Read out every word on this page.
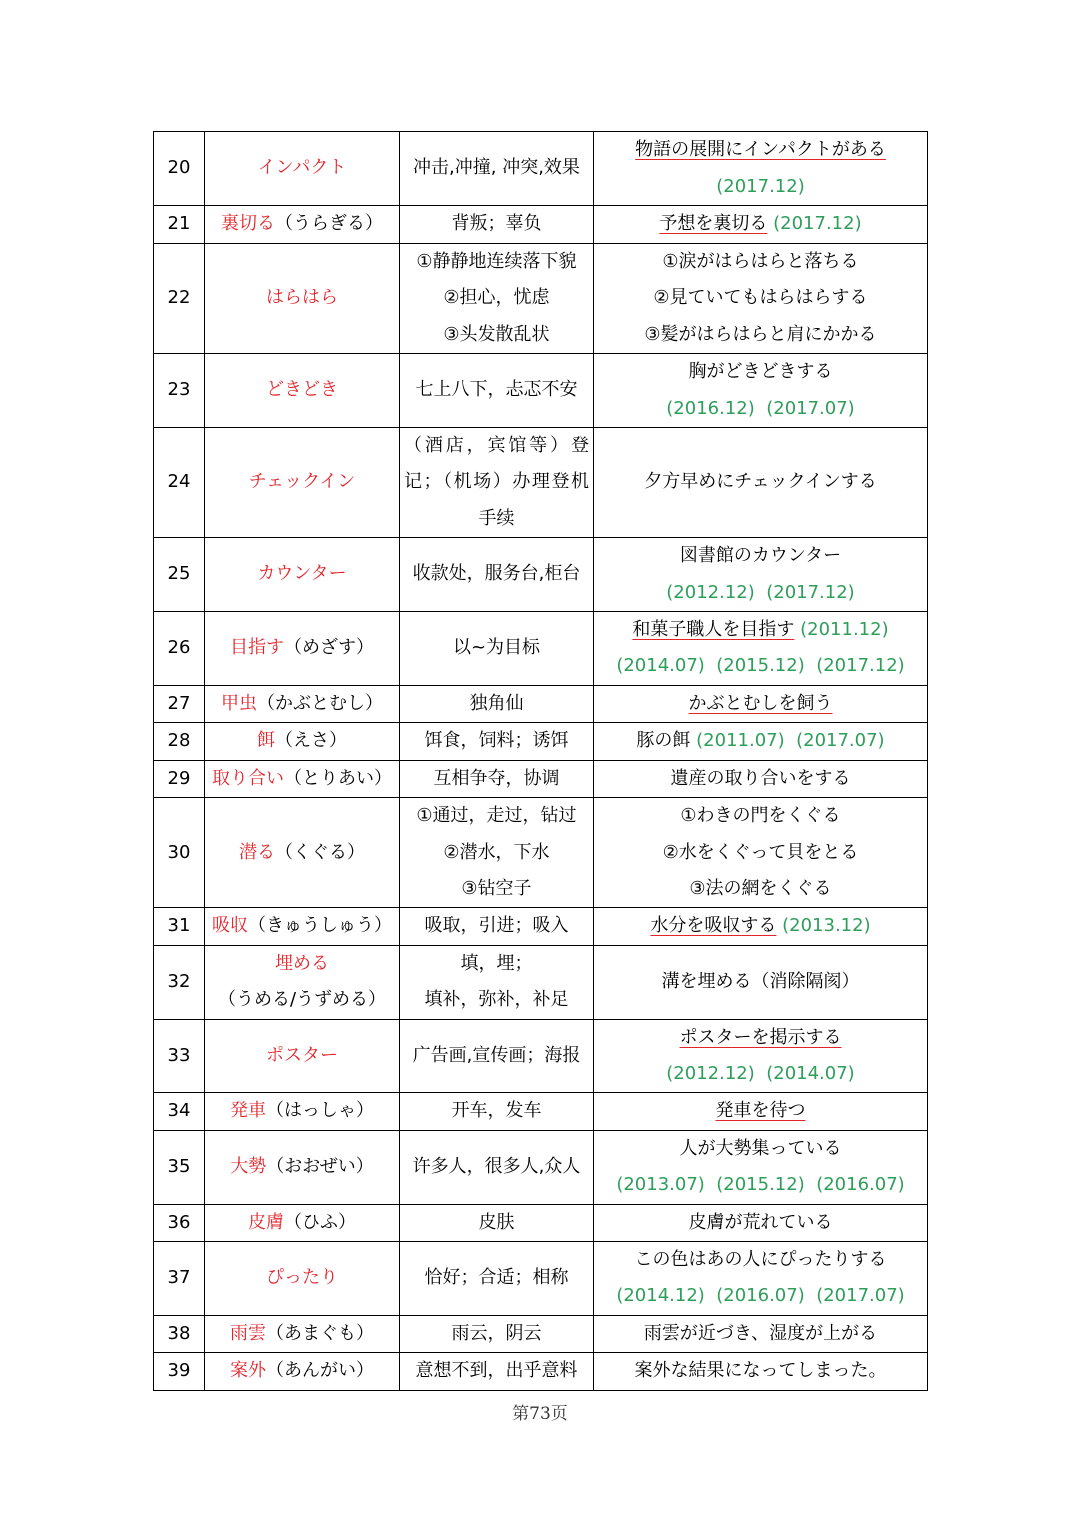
20	インパクト	冲击,冲撞, 冲突,效果	物語の展開にインパクトがある
(2017.12)

21	裏切る（うらぎる）	背叛；辜负	予想を裏切る (2017.12)
22	はらはら	①静静地连续落下貌
②担心，忧虑
③头发散乱状	①涙がはらはらと落ちる
②見ていてもはらはらする
③髪がはらはらと肩にかかる

23	どきどき	七上八下，忐忑不安	胸がどきどきする
(2016.12) (2017.07)

24	チェックイン	（酒店，宾馆等）登记；（机场）办理登机手续	夕方早めにチェックインする
25	カウンター	收款处，服务台,柜台	図書館のカウンター
(2012.12) (2017.12)

26	目指す（めざす）	以~为目标	和菓子職人を目指す (2011.12)
(2014.07) (2015.12) (2017.12)

27	甲虫（かぶとむし）	独角仙	かぶとむしを飼う
28	餌（えさ）	饵食，饲料；诱饵	豚の餌 (2011.07) (2017.07)
29	取り合い（とりあい）	互相争夺，协调	遺産の取り合いをする
30	潜る（くぐる）	①通过，走过，钻过
②潜水，下水
③钻空子	①わきの門をくぐる
②水をくぐって貝をとる
③法の網をくぐる

31	吸収（きゅうしゅう）	吸取，引进；吸入	水分を吸収する (2013.12)
32	埋める
（うめる/うずめる）	填，埋；
填补，弥补，补足	溝を埋める（消除隔阂）
33	ポスター	广告画,宣传画；海报	ポスターを掲示する
(2012.12) (2014.07)

34	発車（はっしゃ）	开车，发车	発車を待つ
35	大勢（おおぜい）	许多人，很多人,众人	人が大勢集っている
(2013.07) (2015.12) (2016.07)

36	皮膚（ひふ）	皮肤	皮膚が荒れている
37	ぴったり	恰好；合适；相称	この色はあの人にぴったりする
(2014.12) (2016.07) (2017.07)

38	雨雲（あまぐも）	雨云，阴云	雨雲が近づき、湿度が上がる
39	案外（あんがい）	意想不到，出乎意料	案外な結果になってしまった。
第73页
